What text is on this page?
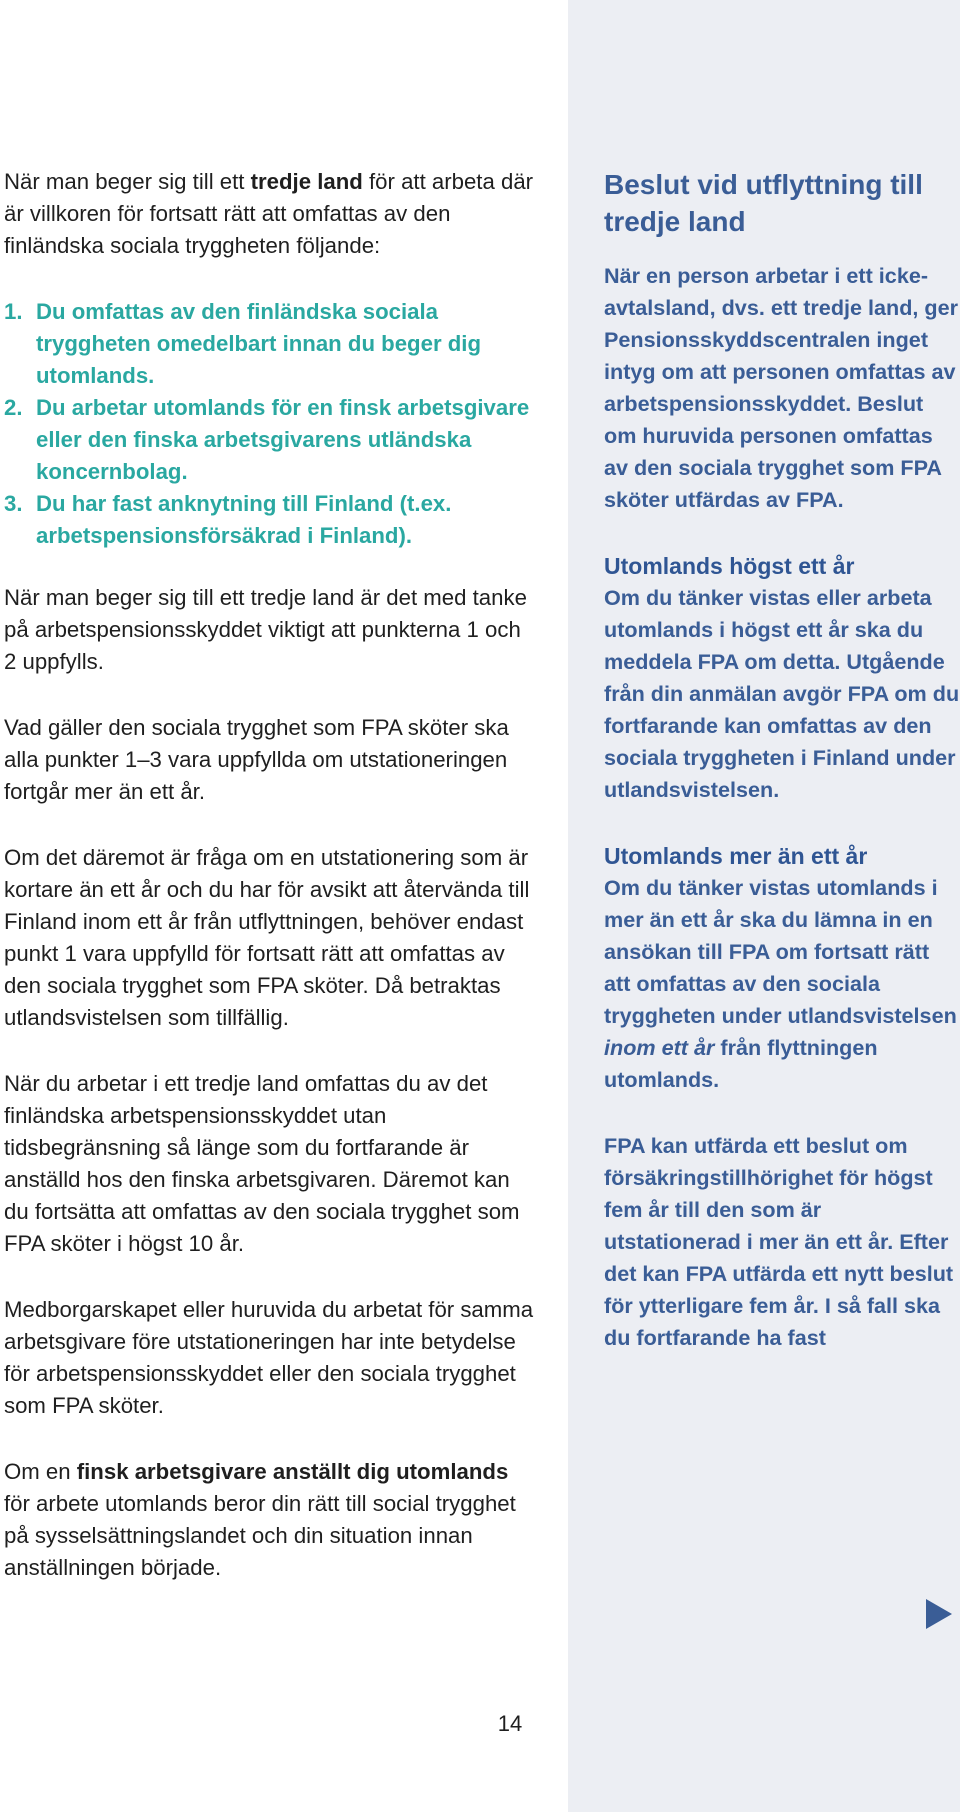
När man beger sig till ett tredje land för att arbeta där är villkoren för fortsatt rätt att omfattas av den finländska sociala tryggheten följande:

1. Du omfattas av den finländska sociala tryggheten omedelbart innan du beger dig utomlands.
2. Du arbetar utomlands för en finsk arbetsgivare eller den finska arbetsgivarens utländska koncernbolag.
3. Du har fast anknytning till Finland (t.ex. arbetspensionsförsäkrad i Finland).

När man beger sig till ett tredje land är det med tanke på arbetspensionsskyddet viktigt att punkterna 1 och 2 uppfylls.

Vad gäller den sociala trygghet som FPA sköter ska alla punkter 1–3 vara uppfyllda om utstationeringen fortgår mer än ett år.

Om det däremot är fråga om en utstationering som är kortare än ett år och du har för avsikt att återvända till Finland inom ett år från utflyttningen, behöver endast punkt 1 vara uppfylld för fortsatt rätt att omfattas av den sociala trygghet som FPA sköter. Då betraktas utlandsvistelsen som tillfällig.

När du arbetar i ett tredje land omfattas du av det finländska arbetspensionsskyddet utan tidsbegränsning så länge som du fortfarande är anställd hos den finska arbetsgivaren. Däremot kan du fortsätta att omfattas av den sociala trygghet som FPA sköter i högst 10 år.

Medborgarskapet eller huruvida du arbetat för samma arbetsgivare före utstationeringen har inte betydelse för arbetspensionsskyddet eller den sociala trygghet som FPA sköter.

Om en finsk arbetsgivare anställt dig utomlands för arbete utomlands beror din rätt till social trygghet på sysselsättningslandet och din situation innan anställningen började.

Beslut vid utflyttning till tredje land

När en person arbetar i ett icke-avtalsland, dvs. ett tredje land, ger Pensionsskyddscentralen inget intyg om att personen omfattas av arbetspensionsskyddet. Beslut om huruvida personen omfattas av den sociala trygghet som FPA sköter utfärdas av FPA.

Utomlands högst ett år

Om du tänker vistas eller arbeta utomlands i högst ett år ska du meddela FPA om detta. Utgående från din anmälan avgör FPA om du fortfarande kan omfattas av den sociala tryggheten i Finland under utlandsvistelsen.

Utomlands mer än ett år

Om du tänker vistas utomlands i mer än ett år ska du lämna in en ansökan till FPA om fortsatt rätt att omfattas av den sociala tryggheten under utlandsvistelsen inom ett år från flyttningen utomlands.

FPA kan utfärda ett beslut om försäkringstillhörighet för högst fem år till den som är utstationerad i mer än ett år. Efter det kan FPA utfärda ett nytt beslut för ytterligare fem år. I så fall ska du fortfarande ha fast

14
